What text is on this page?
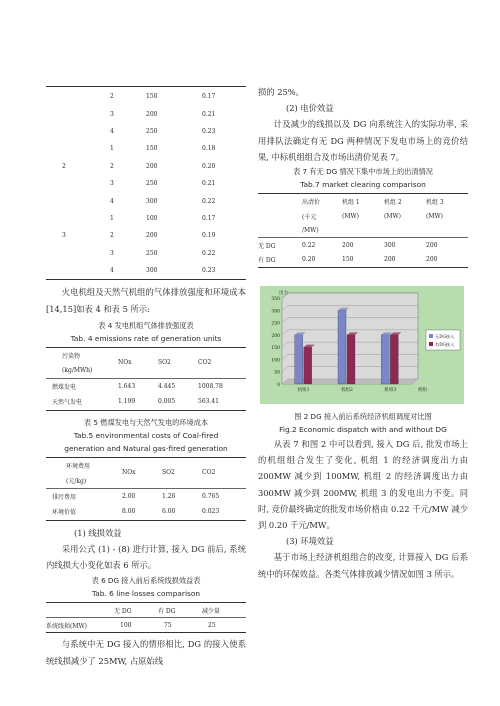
	2	150	0.17
	3	200	0.21
	4	250	0.23
	1	150	0.18
2	2	200	0.20
	3	250	0.21
	4	300	0.22
	1	100	0.17
3	2	200	0.19
	3	250	0.22
	4	300	0.23
火电机组及天然气机组的气体排放强度和环境成本[14,15]如表 4 和表 5 所示:
表 4 发电机组气体排放强度表
Tab. 4 emissions rate of generation units
污染物	NOx	SO2	CO2
(kg/MWh)			
燃煤发电	1.643	4.445	1008.78
天然气发电	1.199	0.005	563.41
表 5 燃煤发电与天然气发电的环境成本
Tab.5 environmental costs of Coal-fired
generation and Natural gas-fired generation
环境费用	NOx	SO2	CO2
(元/kg)			
排污费用	2.00	1.26	0.765
环境价值	8.00	6.00	0.023
(1) 线损效益
采用公式 (1) - (8) 进行计算, 接入 DG 前后, 系统内线损大小变化如表 6 所示。
表 6 DG 接入前后系统线损效益表
Tab. 6 line losses comparison
	无 DG	有 DG	减少量
系统线损(MW)	100	75	25
与系统中无 DG 接入的情形相比, DG 的接入使系统线损减少了 25MW, 占原始线
损的 25%。
(2) 电价效益
计及减少的线损以及 DG 向系统注入的实际功率, 采用排队法确定有无 DG 两种情况下发电市场上的竞价结果, 中标机组组合及市场出清价见表 7。
表 7 有无 DG 情况下集中市场上的出清情况
Tab.7 market clearing comparison
	出清价	机组 1	机组 2	机组 3
	(千元	(MW)	(MW)	(MW)
	/MW)			
无 DG	0.22	200	300	200
有 DG	0.20	150	200	200
0
50
100
150
200
250
300
350
出力
机组1	机组2	机组3	机组
无DG接入
有DG接入
图 2 DG 接入前后系统经济机组调度对比图
Fig.2 Economic dispatch with and without DG
从表 7 和图 2 中可以看到, 接入 DG 后, 批发市场上的机组组合发生了变化, 机组 1 的经济调度出力由 200MW 减少到 100MW, 机组 2 的经济调度出力由 300MW 减少到 200MW, 机组 3 的发电出力不变。同时, 竞价最终确定的批发市场价格由 0.22 千元/MW 减少到 0.20 千元/MW。
(3) 环境效益
基于市场上经济机组组合的改变, 计算接入 DG 后系统中的环保效益。各类气体排放减少情况如图 3 所示。
